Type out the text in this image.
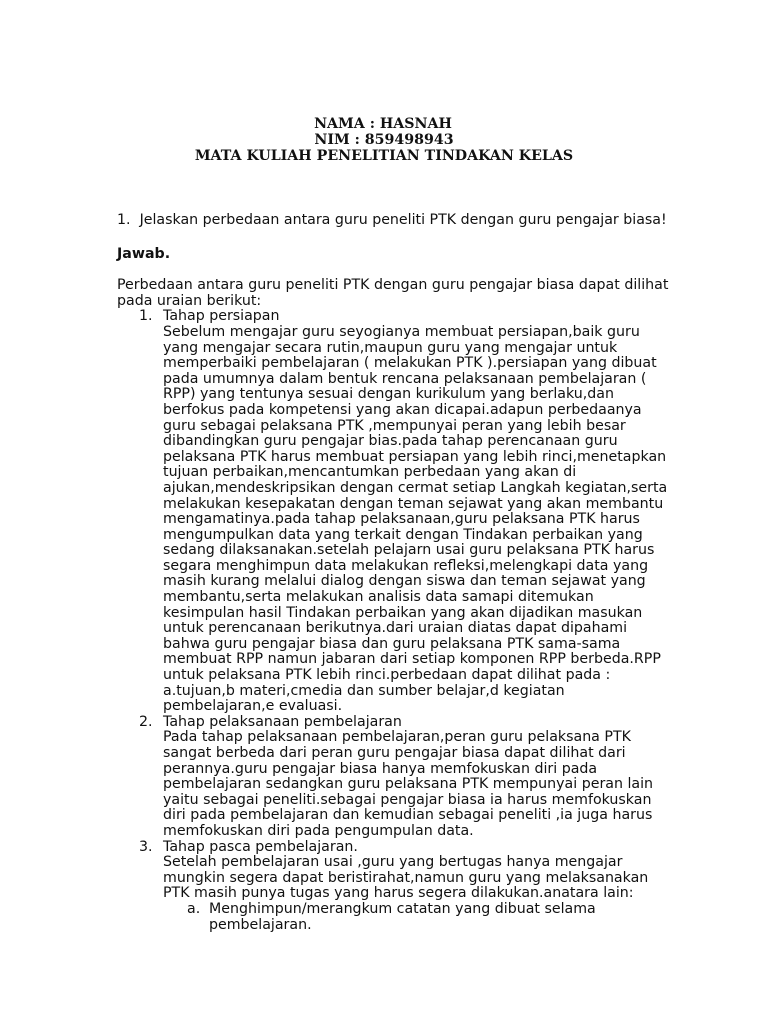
NAMA : HASNAH
NIM : 859498943
MATA KULIAH PENELITIAN TINDAKAN KELAS

1. Jelaskan perbedaan antara guru peneliti PTK dengan guru pengajar biasa!

Jawab.

Perbedaan antara guru peneliti PTK dengan guru pengajar biasa dapat dilihat pada uraian berikut:

1. Tahap persiapan

Sebelum mengajar guru seyogianya membuat persiapan,baik guru yang mengajar secara rutin,maupun guru yang mengajar untuk memperbaiki pembelajaran ( melakukan PTK ).persiapan yang dibuat pada umumnya dalam bentuk rencana pelaksanaan pembelajaran ( RPP) yang tentunya sesuai dengan kurikulum yang berlaku,dan berfokus pada kompetensi yang akan dicapai.adapun perbedaanya guru sebagai pelaksana PTK ,mempunyai peran yang lebih besar dibandingkan guru pengajar bias.pada tahap perencanaan guru pelaksana PTK harus membuat persiapan yang lebih rinci,menetapkan tujuan perbaikan,mencantumkan perbedaan yang akan di ajukan,mendeskripsikan dengan cermat setiap Langkah kegiatan,serta melakukan kesepakatan dengan teman sejawat yang akan membantu mengamatinya.pada tahap pelaksanaan,guru pelaksana PTK harus mengumpulkan data yang terkait dengan Tindakan perbaikan yang sedang dilaksanakan.setelah pelajarn usai guru pelaksana PTK harus segara menghimpun data melakukan refleksi,melengkapi data yang masih kurang melalui dialog dengan siswa dan teman sejawat yang membantu,serta melakukan analisis data samapi ditemukan kesimpulan hasil Tindakan perbaikan yang akan dijadikan masukan untuk perencanaan berikutnya.dari uraian diatas dapat dipahami bahwa guru pengajar biasa dan guru pelaksana PTK sama-sama membuat RPP namun jabaran dari setiap komponen RPP berbeda.RPP untuk pelaksana PTK lebih rinci.perbedaan dapat dilihat pada : a.tujuan,b materi,cmedia dan sumber belajar,d kegiatan pembelajaran,e evaluasi.

2. Tahap pelaksanaan pembelajaran

Pada tahap pelaksanaan pembelajaran,peran guru pelaksana PTK sangat berbeda dari peran guru pengajar biasa dapat dilihat dari perannya.guru pengajar biasa hanya memfokuskan diri pada pembelajaran sedangkan guru pelaksana PTK mempunyai peran lain yaitu sebagai peneliti.sebagai pengajar biasa ia harus memfokuskan diri pada pembelajaran dan kemudian sebagai peneliti ,ia juga harus memfokuskan diri pada pengumpulan data.

3. Tahap pasca pembelajaran.

Setelah pembelajaran usai ,guru yang bertugas hanya mengajar mungkin segera dapat beristirahat,namun guru yang melaksanakan PTK masih punya tugas yang harus segera dilakukan.anatara lain:

a. Menghimpun/merangkum catatan yang dibuat selama pembelajaran.
